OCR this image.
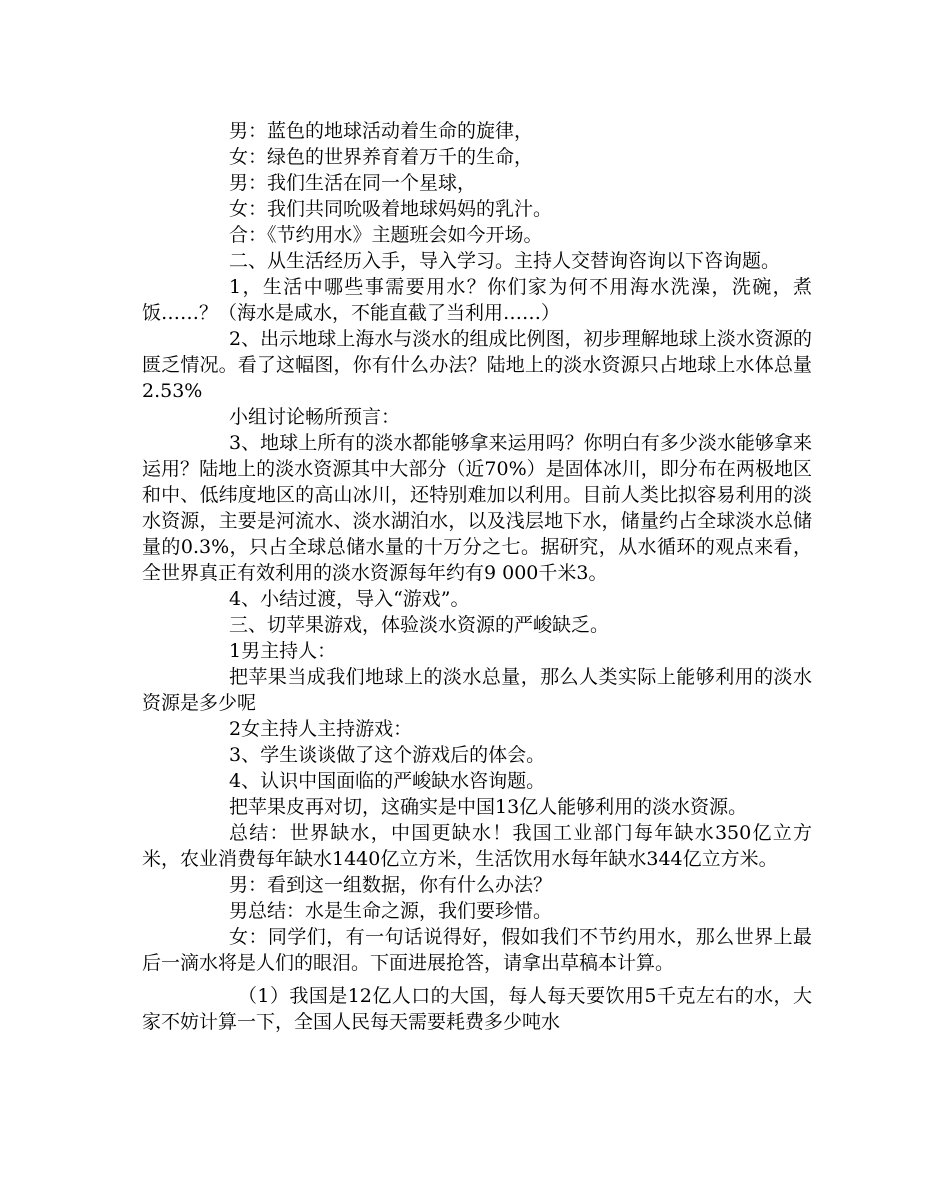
男：蓝色的地球活动着生命的旋律，

女：绿色的世界养育着万千的生命，

男：我们生活在同一个星球，

女：我们共同吮吸着地球妈妈的乳汁。

合：《节约用水》主题班会如今开场。

二、从生活经历入手，导入学习。主持人交替询咨询以下咨询题。

1，生活中哪些事需要用水？你们家为何不用海水洗澡，洗碗，煮饭……？（海水是咸水，不能直截了当利用……）

2、出示地球上海水与淡水的组成比例图，初步理解地球上淡水资源的匮乏情况。看了这幅图，你有什么办法？陆地上的淡水资源只占地球上水体总量2.53%

小组讨论畅所预言：

3、地球上所有的淡水都能够拿来运用吗？你明白有多少淡水能够拿来运用？陆地上的淡水资源其中大部分（近70%）是固体冰川，即分布在两极地区和中、低纬度地区的高山冰川，还特别难加以利用。目前人类比拟容易利用的淡水资源，主要是河流水、淡水湖泊水，以及浅层地下水，储量约占全球淡水总储量的0.3%，只占全球总储水量的十万分之七。据研究，从水循环的观点来看，全世界真正有效利用的淡水资源每年约有9 000千米3。

4、小结过渡，导入“游戏”。

三、切苹果游戏，体验淡水资源的严峻缺乏。

1男主持人：

把苹果当成我们地球上的淡水总量，那么人类实际上能够利用的淡水资源是多少呢

2女主持人主持游戏：

3、学生谈谈做了这个游戏后的体会。

4、认识中国面临的严峻缺水咨询题。

把苹果皮再对切，这确实是中国13亿人能够利用的淡水资源。

总结：世界缺水，中国更缺水！我国工业部门每年缺水350亿立方米，农业消费每年缺水1440亿立方米，生活饮用水每年缺水344亿立方米。

男：看到这一组数据，你有什么办法？

男总结：水是生命之源，我们要珍惜。

女：同学们，有一句话说得好，假如我们不节约用水，那么世界上最后一滴水将是人们的眼泪。下面进展抢答，请拿出草稿本计算。

（1）我国是12亿人口的大国，每人每天要饮用5千克左右的水，大家不妨计算一下，全国人民每天需要耗费多少吨水
